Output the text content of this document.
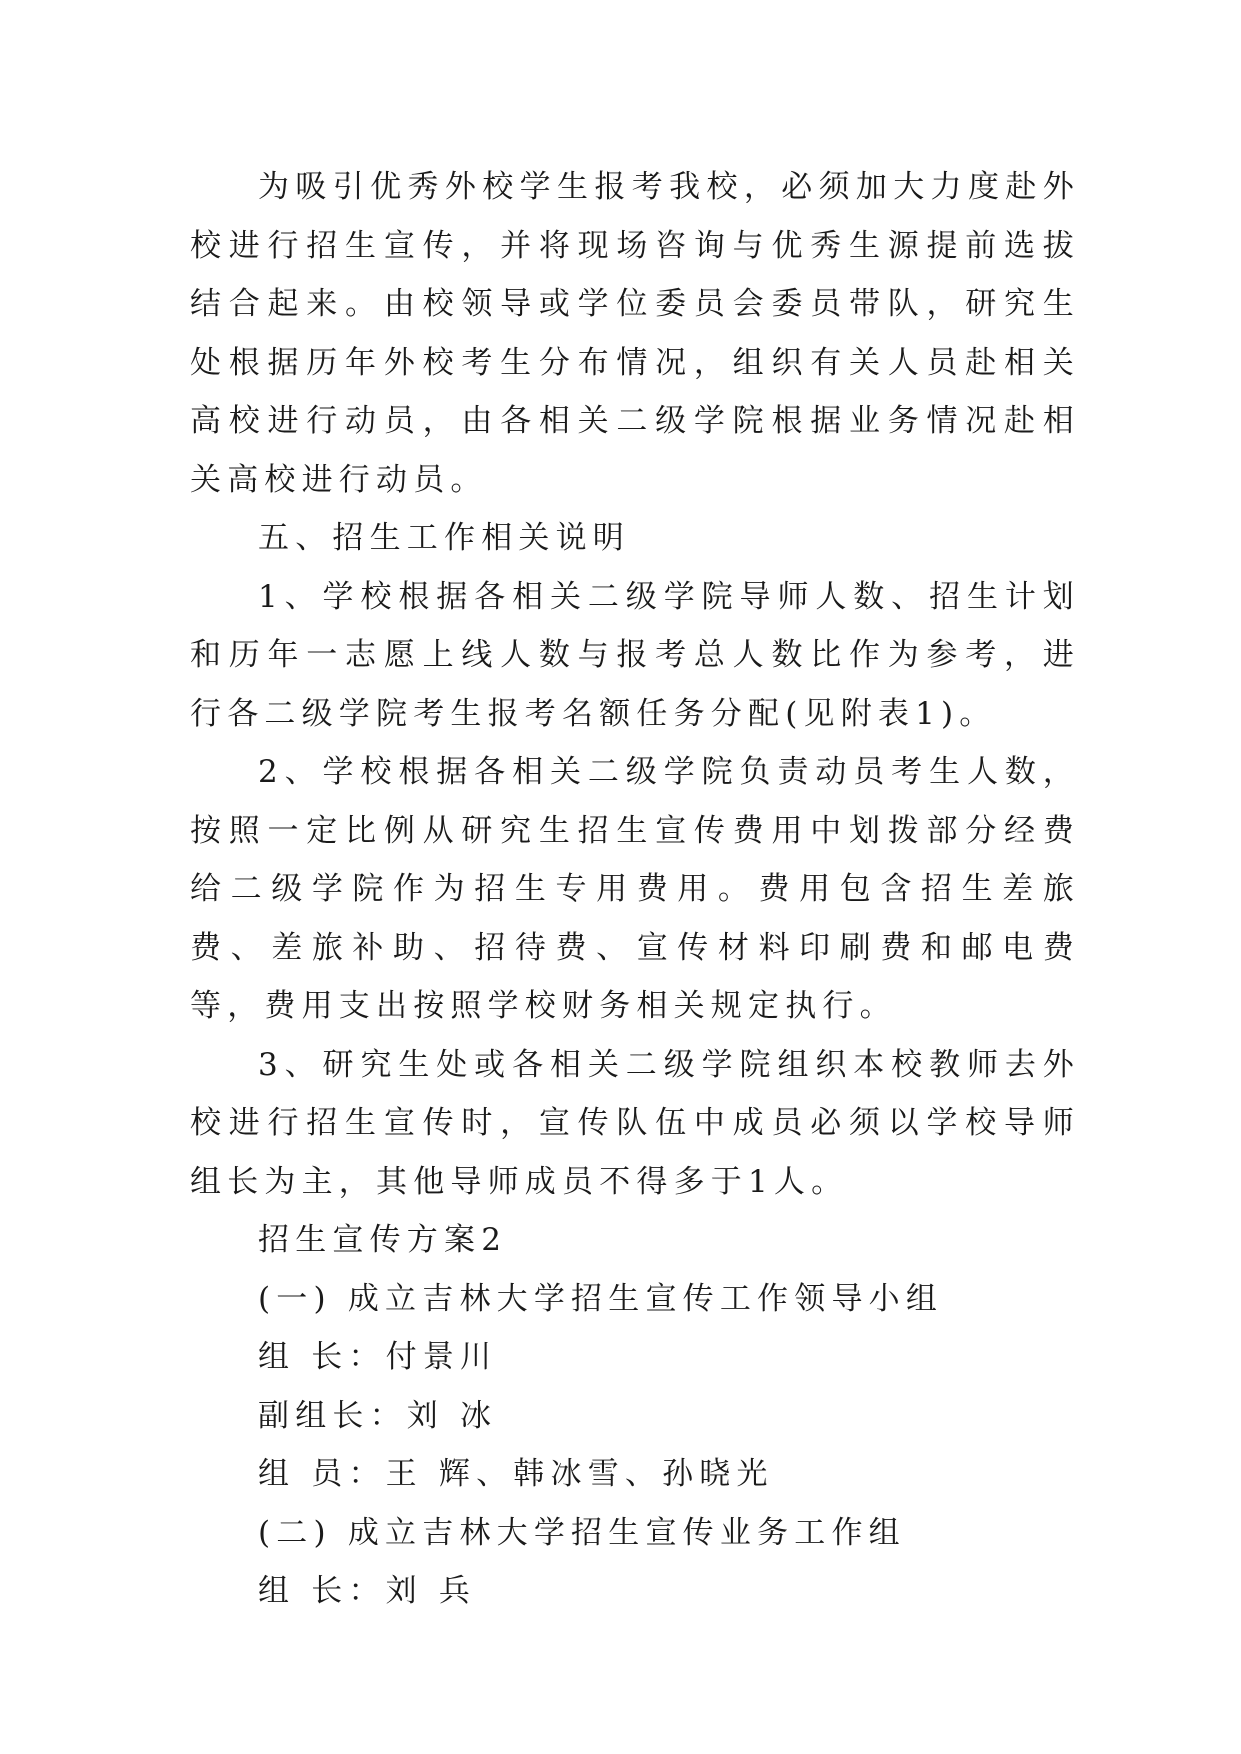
为吸引优秀外校学生报考我校，必须加大力度赴外校进行招生宣传，并将现场咨询与优秀生源提前选拔结合起来。由校领导或学位委员会委员带队，研究生处根据历年外校考生分布情况，组织有关人员赴相关高校进行动员，由各相关二级学院根据业务情况赴相关高校进行动员。

五、招生工作相关说明

1、学校根据各相关二级学院导师人数、招生计划和历年一志愿上线人数与报考总人数比作为参考，进行各二级学院考生报考名额任务分配(见附表1)。

2、学校根据各相关二级学院负责动员考生人数，按照一定比例从研究生招生宣传费用中划拨部分经费给二级学院作为招生专用费用。费用包含招生差旅费、差旅补助、招待费、宣传材料印刷费和邮电费等，费用支出按照学校财务相关规定执行。

3、研究生处或各相关二级学院组织本校教师去外校进行招生宣传时，宣传队伍中成员必须以学校导师组长为主，其他导师成员不得多于1人。

招生宣传方案2

(一) 成立吉林大学招生宣传工作领导小组

组 长：付景川

副组长：刘 冰

组 员：王 辉、韩冰雪、孙晓光

(二) 成立吉林大学招生宣传业务工作组

组 长：刘 兵
